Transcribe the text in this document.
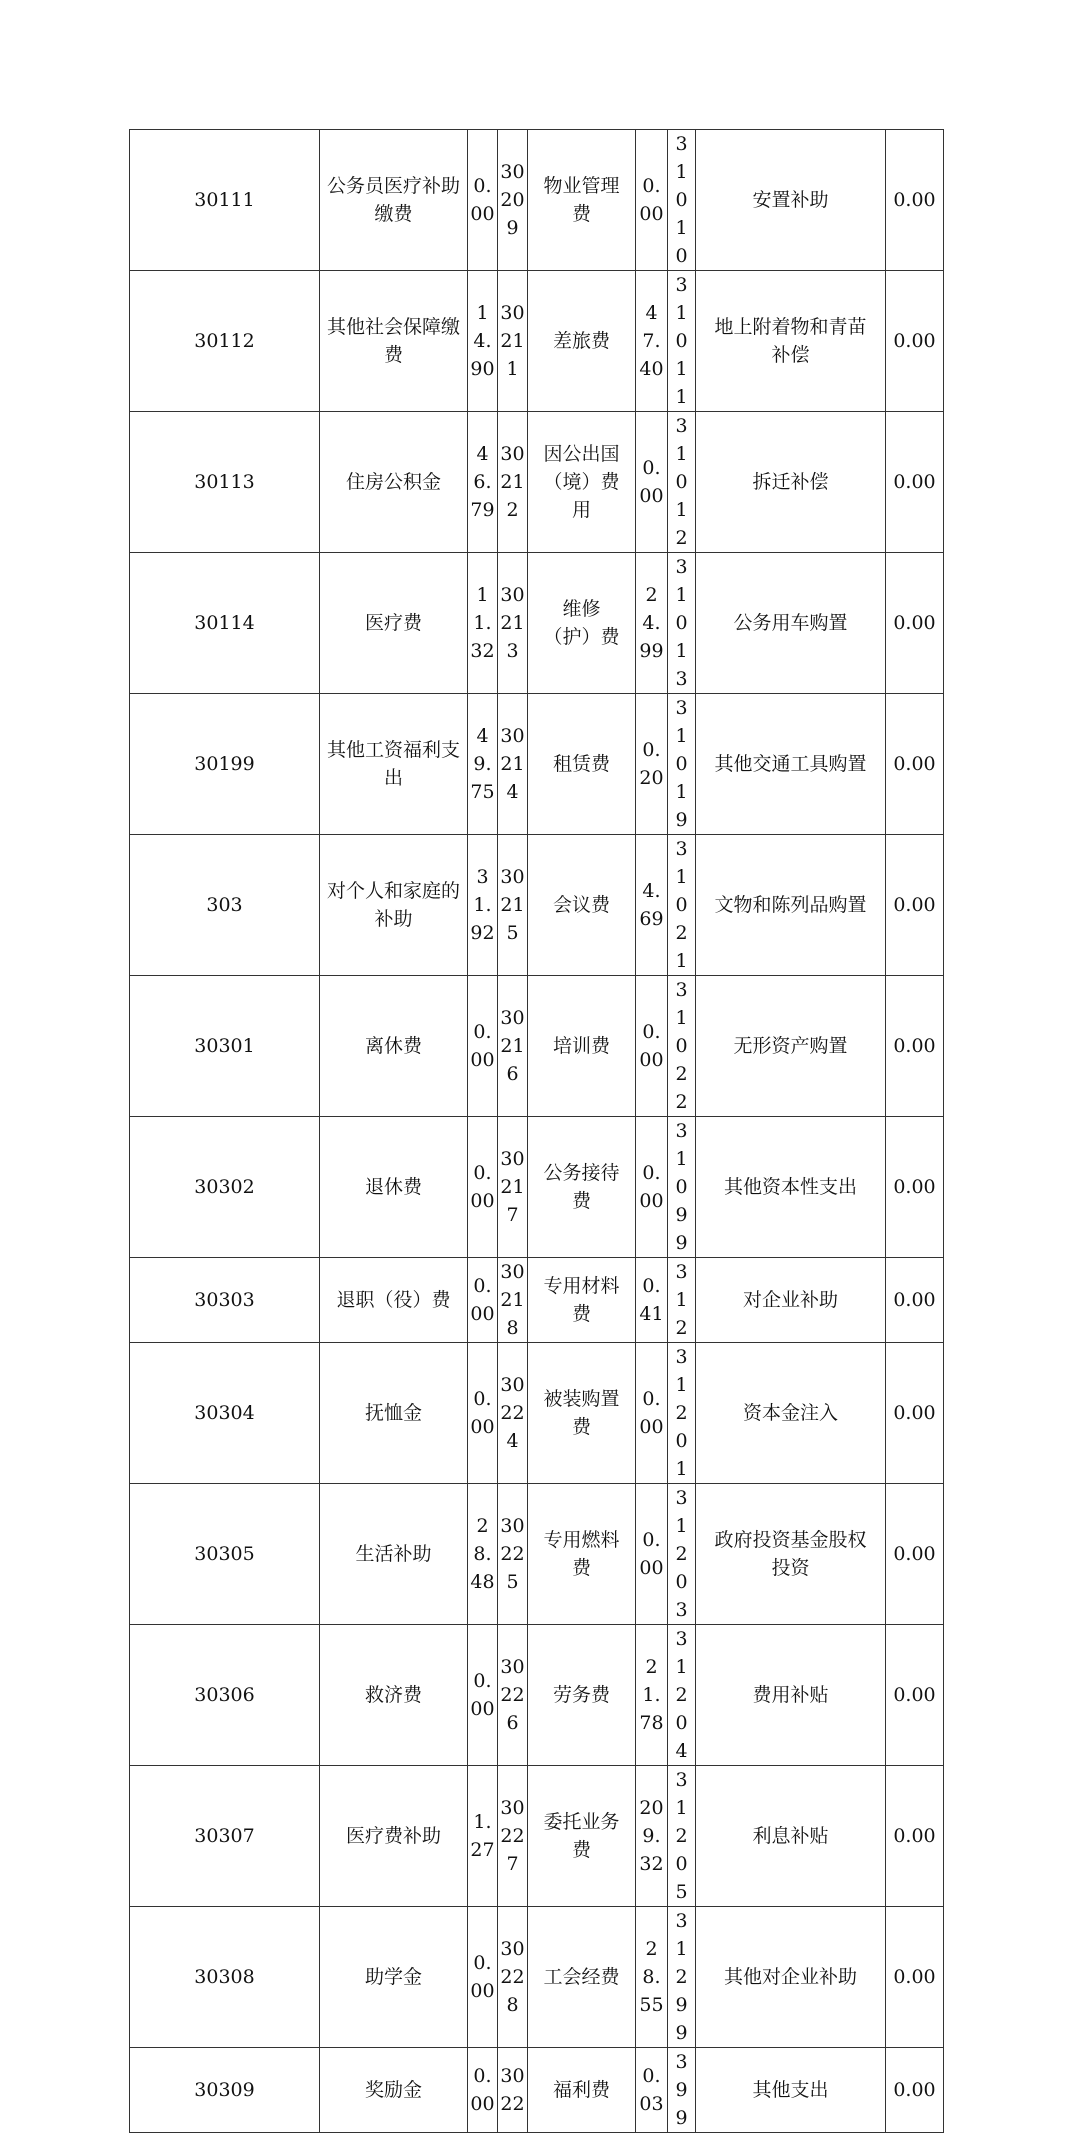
30111	公务员医疗补助缴费	0.00	30209	物业管理费	0.00	31010	安置补助	0.00
30112	其他社会保障缴费	14.90	30211	差旅费	47.40	31011	地上附着物和青苗补偿	0.00
30113	住房公积金	46.79	30212	因公出国（境）费用	0.00	31012	拆迁补偿	0.00
30114	医疗费	11.32	30213	维修（护）费	24.99	31013	公务用车购置	0.00
30199	其他工资福利支出	49.75	30214	租赁费	0.20	31019	其他交通工具购置	0.00
303	对个人和家庭的补助	31.92	30215	会议费	4.69	31021	文物和陈列品购置	0.00
30301	离休费	0.00	30216	培训费	0.00	31022	无形资产购置	0.00
30302	退休费	0.00	30217	公务接待费	0.00	31099	其他资本性支出	0.00
30303	退职（役）费	0.00	30218	专用材料费	0.41	312	对企业补助	0.00
30304	抚恤金	0.00	30224	被装购置费	0.00	31201	资本金注入	0.00
30305	生活补助	28.48	30225	专用燃料费	0.00	31203	政府投资基金股权投资	0.00
30306	救济费	0.00	30226	劳务费	21.78	31204	费用补贴	0.00
30307	医疗费补助	1.27	30227	委托业务费	209.32	31205	利息补贴	0.00
30308	助学金	0.00	30228	工会经费	28.55	31299	其他对企业补助	0.00
30309	奖励金	0.00	3022	福利费	0.03	399	其他支出	0.00
